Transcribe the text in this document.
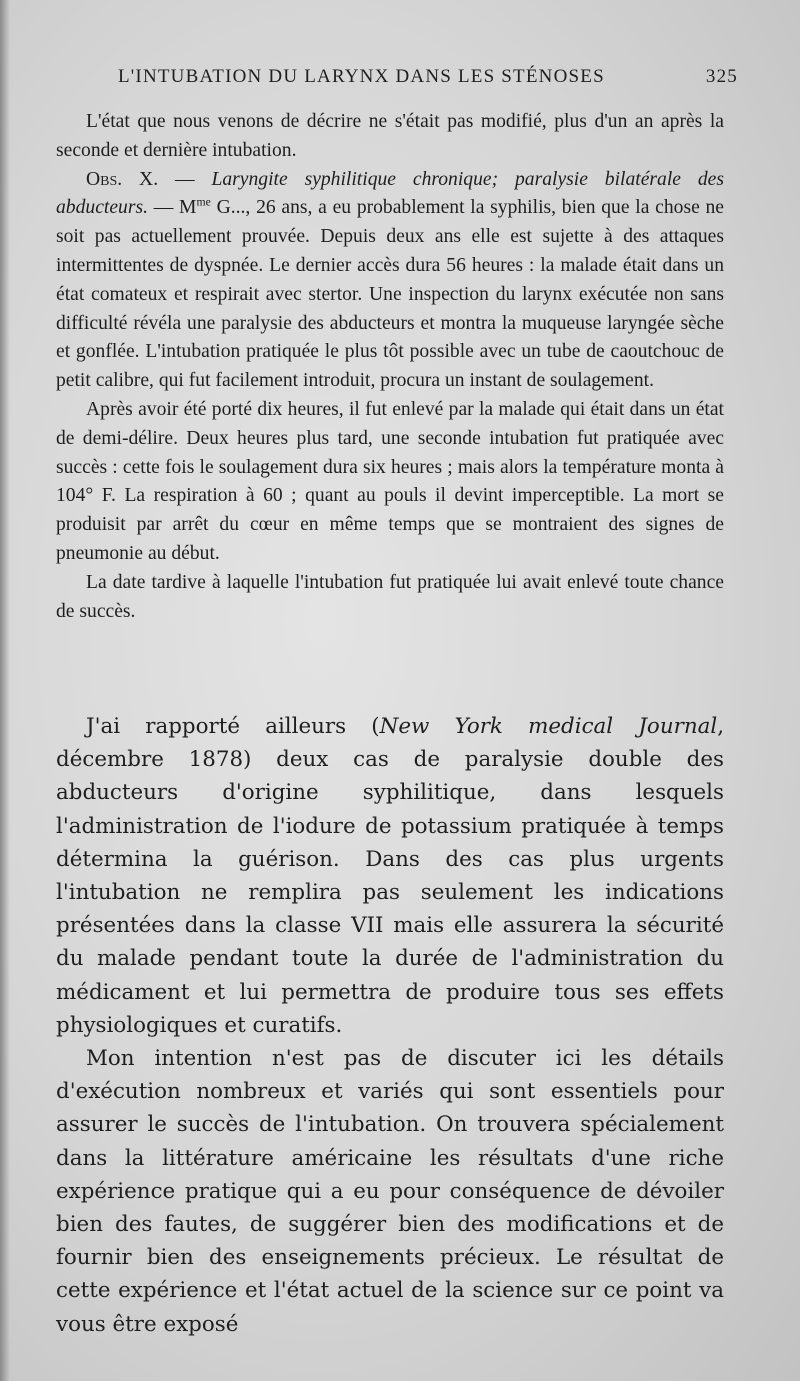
L'INTUBATION DU LARYNX DANS LES STÉNOSES	325

L'état que nous venons de décrire ne s'était pas modifié, plus d'un an après la seconde et dernière intubation.

Obs. X. — Laryngite syphilitique chronique; paralysie bilatérale des abducteurs. — $M^{me}$ G..., 26 ans, a eu probablement la syphilis, bien que la chose ne soit pas actuellement prouvée. Depuis deux ans elle est sujette à des attaques intermittentes de dyspnée. Le dernier accès dura 56 heures : la malade était dans un état comateux et respirait avec stertor. Une inspection du larynx exécutée non sans difficulté révéla une paralysie des abducteurs et montra la muqueuse laryngée sèche et gonflée. L'intubation pratiquée le plus tôt possible avec un tube de caoutchouc de petit calibre, qui fut facilement introduit, procura un instant de soulagement.

Après avoir été porté dix heures, il fut enlevé par la malade qui était dans un état de demi-délire. Deux heures plus tard, une seconde intubation fut pratiquée avec succès : cette fois le soulagement dura six heures ; mais alors la température monta à 104° F. La respiration à 60 ; quant au pouls il devint imperceptible. La mort se produisit par arrêt du cœur en même temps que se montraient des signes de pneumonie au début.

La date tardive à laquelle l'intubation fut pratiquée lui avait enlevé toute chance de succès.

J'ai rapporté ailleurs (New York medical Journal, décembre 1878) deux cas de paralysie double des abducteurs d'origine syphilitique, dans lesquels l'administration de l'iodure de potassium pratiquée à temps détermina la guérison. Dans des cas plus urgents l'intubation ne remplira pas seulement les indications présentées dans la classe VII mais elle assurera la sécurité du malade pendant toute la durée de l'administration du médicament et lui permettra de produire tous ses effets physiologiques et curatifs.

Mon intention n'est pas de discuter ici les détails d'exécution nombreux et variés qui sont essentiels pour assurer le succès de l'intubation. On trouvera spécialement dans la littérature américaine les résultats d'une riche expérience pratique qui a eu pour conséquence de dévoiler bien des fautes, de suggérer bien des modifications et de fournir bien des enseignements précieux. Le résultat de cette expérience et l'état actuel de la science sur ce point va vous être exposé
